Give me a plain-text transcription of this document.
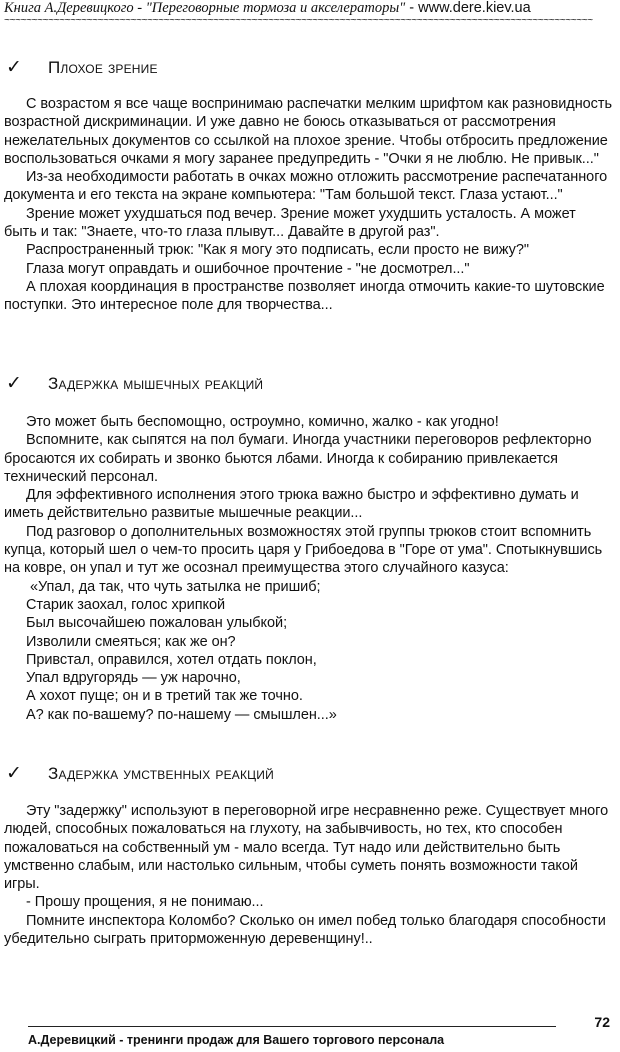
Книга А.Деревицкого - "Переговорные тормоза и акселераторы" - www.dere.kiev.ua
~~~~~~~~~~~~~~~~~~~~~~~~~~~~~~~~~~~~~~~~~~~~~~~~~~~~~~~~~~~~~~~~~~~~~~~~~~~~~~~~~~~~~~~~~~~~~~~~~~~~~~~~~~~
✓	Плохое зрение

С возрастом я все чаще воспринимаю распечатки мелким шрифтом как разновидность возрастной дискриминации. И уже давно не боюсь отказываться от рассмотрения нежелательных документов со ссылкой на плохое зрение. Чтобы отбросить предложение воспользоваться очками я могу заранее предупредить - "Очки я не люблю. Не привык..."

Из-за необходимости работать в очках можно отложить рассмотрение распечатанного документа и его текста на экране компьютера: "Там большой текст. Глаза устают..."

Зрение может ухудшаться под вечер. Зрение может ухудшить усталость. А может быть и так: "Знаете, что-то глаза плывут... Давайте в другой раз".

Распространенный трюк: "Как я могу это подписать, если просто не вижу?"

Глаза могут оправдать и ошибочное прочтение - "не досмотрел..."

А плохая координация в пространстве позволяет иногда отмочить какие-то шутовские поступки. Это интересное поле для творчества...

✓	Задержка мышечных реакций

Это может быть беспомощно, остроумно, комично, жалко - как угодно!

Вспомните, как сыпятся на пол бумаги. Иногда участники переговоров рефлекторно бросаются их собирать и звонко бьются лбами. Иногда к собиранию привлекается технический персонал.

Для эффективного исполнения этого трюка важно быстро и эффективно думать и иметь действительно развитые мышечные реакции...

Под разговор о дополнительных возможностях этой группы трюков стоит вспомнить купца, который шел о чем-то просить царя у Грибоедова в "Горе от ума". Спотыкнувшись на ковре, он упал и тут же осознал преимущества этого случайного казуса:

«Упал, да так, что чуть затылка не пришиб;

Старик заохал, голос хрипкой

Был высочайшею пожалован улыбкой;

Изволили смеяться; как же он?

Привстал, оправился, хотел отдать поклон,

Упал вдругорядь — уж нарочно,

А хохот пуще; он и в третий так же точно.

А? как по-вашему? по-нашему — смышлен...»

✓	Задержка умственных реакций

Эту "задержку" используют в переговорной игре несравненно реже. Существует много людей, способных пожаловаться на глухоту, на забывчивость, но тех, кто способен пожаловаться на собственный ум - мало всегда. Тут надо или действительно быть умственно слабым, или настолько сильным, чтобы суметь понять возможности такой игры.

- Прошу прощения, я не понимаю...

Помните инспектора Коломбо? Сколько он имел побед только благодаря способности убедительно сыграть приторможенную деревенщину!..

72
А.Деревицкий - тренинги продаж для Вашего торгового персонала
